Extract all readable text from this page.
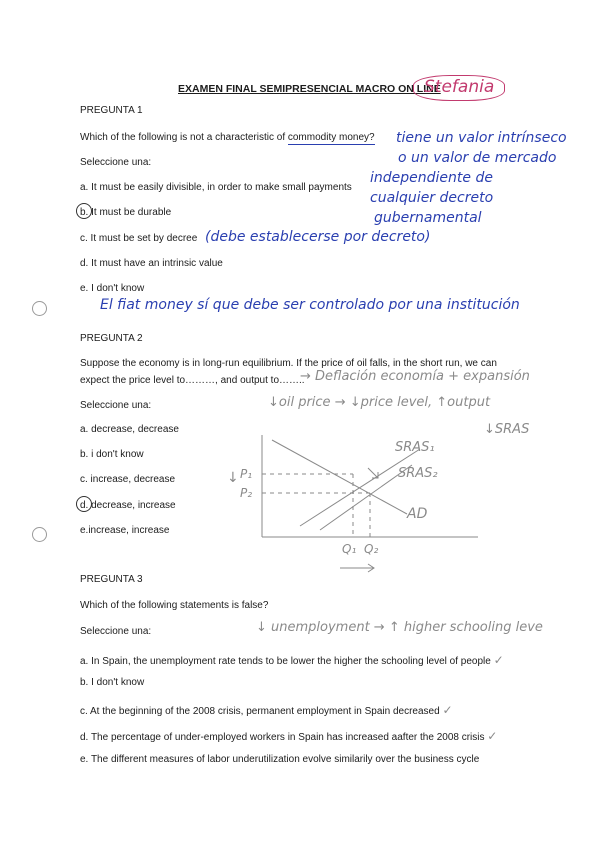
EXAMEN FINAL SEMIPRESENCIAL MACRO ON LINE
Stefania
PREGUNTA 1
Which of the following is not a characteristic of commodity money?
Seleccione una:
a. It must be easily divisible, in order to make small payments
b. It must be durable
c. It must be set by decree
d. It must have an intrinsic value
e. I don't know
tiene un valor intrínseco
o un valor de mercado
independiente de
cualquier decreto
gubernamental
(debe establecerse por decreto)
El fiat money sí que debe ser controlado por una institución
PREGUNTA 2
Suppose the economy is in long-run equilibrium. If the price of oil falls, in the short run, we can
expect the price level to………, and output to……..
→ Deflación economía + expansión
Seleccione una:	↓oil price → ↓price level, ↑output
↓SRAS
a. decrease, decrease
b. i don't know
c. increase, decrease
d. decrease, increase
e.increase, increase
SRAS₁
SRAS₂
AD
P₁
P₂
↓
Q₁ Q₂
PREGUNTA 3
Which of the following statements is false?
Seleccione una:	↓ unemployment → ↑ higher schooling leve
a. In Spain, the unemployment rate tends to be lower the higher the schooling level of people ✓
b. I don't know
c. At the beginning of the 2008 crisis, permanent employment in Spain decreased ✓
d. The percentage of under-employed workers in Spain has increased aafter the 2008 crisis ✓
e. The different measures of labor underutilization evolve similarily over the business cycle
